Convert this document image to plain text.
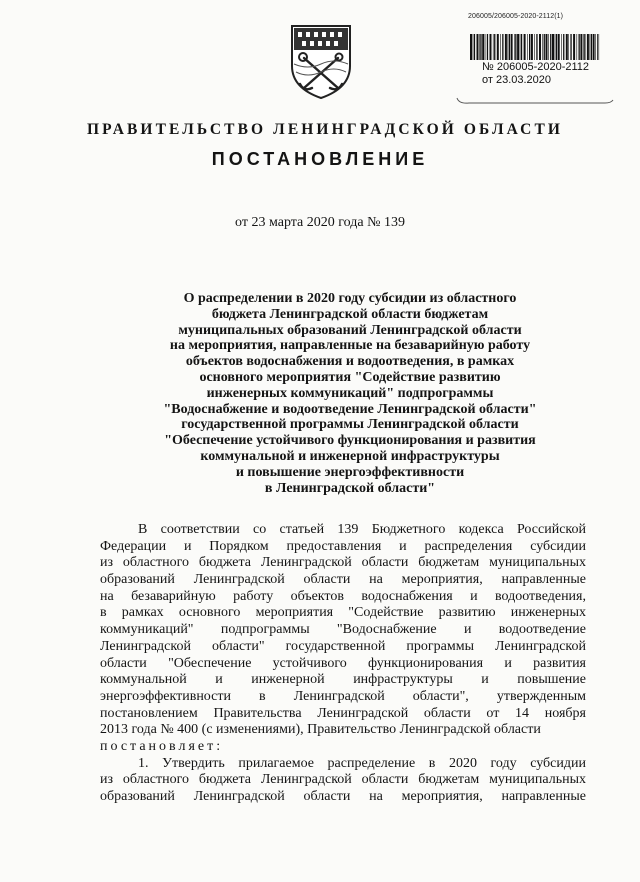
206005/206005-2020-2112(1)
№ 206005-2020-2112
от 23.03.2020
ПРАВИТЕЛЬСТВО ЛЕНИНГРАДСКОЙ ОБЛАСТИ
ПОСТАНОВЛЕНИЕ
от 23 марта 2020 года № 139
О распределении в 2020 году субсидии из областного
бюджета Ленинградской области бюджетам
муниципальных образований Ленинградской области
на мероприятия, направленные на безаварийную работу
объектов водоснабжения и водоотведения, в рамках
основного мероприятия "Содействие развитию
инженерных коммуникаций" подпрограммы
"Водоснабжение и водоотведение Ленинградской области"
государственной программы Ленинградской области
"Обеспечение устойчивого функционирования и развития
коммунальной и инженерной инфраструктуры
и повышение энергоэффективности
в Ленинградской области"
В соответствии со статьей 139 Бюджетного кодекса Российской
Федерации и Порядком предоставления и распределения субсидии
из областного бюджета Ленинградской области бюджетам муниципальных
образований Ленинградской области на мероприятия, направленные
на безаварийную работу объектов водоснабжения и водоотведения,
в рамках основного мероприятия "Содействие развитию инженерных
коммуникаций" подпрограммы "Водоснабжение и водоотведение
Ленинградской области" государственной программы Ленинградской
области "Обеспечение устойчивого функционирования и развития
коммунальной и инженерной инфраструктуры и повышение
энергоэффективности в Ленинградской области", утвержденным
постановлением Правительства Ленинградской области от 14 ноября
2013 года № 400 (с изменениями), Правительство Ленинградской области
постановляет:
1. Утвердить прилагаемое распределение в 2020 году субсидии
из областного бюджета Ленинградской области бюджетам муниципальных
образований Ленинградской области на мероприятия, направленные
